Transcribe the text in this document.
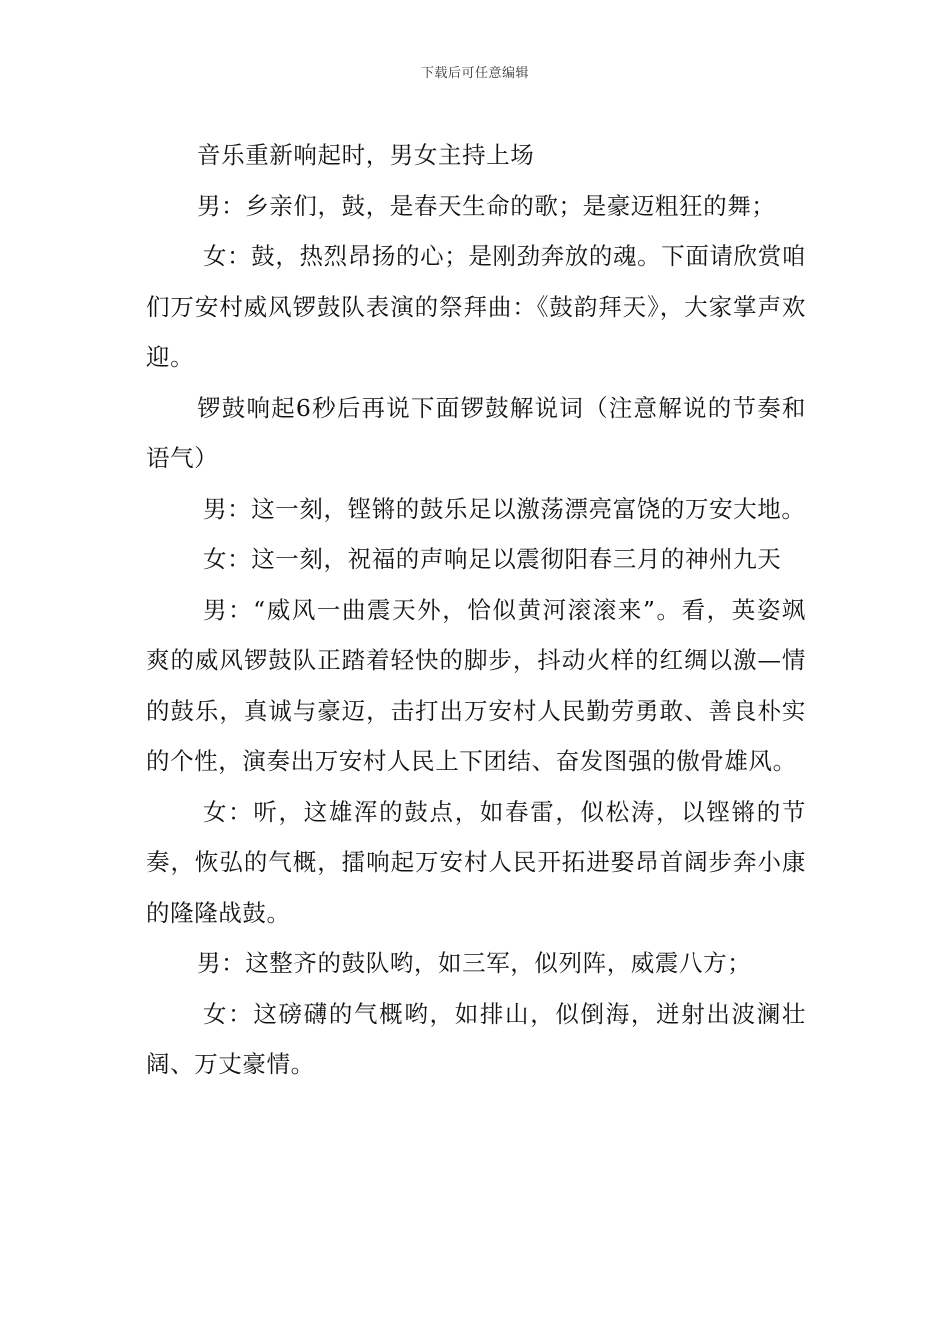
下载后可任意编辑

音乐重新响起时，男女主持上场

男：乡亲们，鼓，是春天生命的歌；是豪迈粗狂的舞；

女：鼓，热烈昂扬的心；是刚劲奔放的魂。下面请欣赏咱们万安村威风锣鼓队表演的祭拜曲：《鼓韵拜天》，大家掌声欢迎。

锣鼓响起6秒后再说下面锣鼓解说词（注意解说的节奏和语气）

男：这一刻，铿锵的鼓乐足以激荡漂亮富饶的万安大地。

女：这一刻，祝福的声响足以震彻阳春三月的神州九天

男：“威风一曲震天外，恰似黄河滚滚来”。看，英姿飒爽的威风锣鼓队正踏着轻快的脚步，抖动火样的红绸以激—情的鼓乐，真诚与豪迈，击打出万安村人民勤劳勇敢、善良朴实的个性，演奏出万安村人民上下团结、奋发图强的傲骨雄风。

女：听，这雄浑的鼓点，如春雷，似松涛，以铿锵的节奏，恢弘的气概，擂响起万安村人民开拓进娶昂首阔步奔小康的隆隆战鼓。

男：这整齐的鼓队哟，如三军，似列阵，威震八方；

女：这磅礴的气概哟，如排山，似倒海，迸射出波澜壮阔、万丈豪情。
